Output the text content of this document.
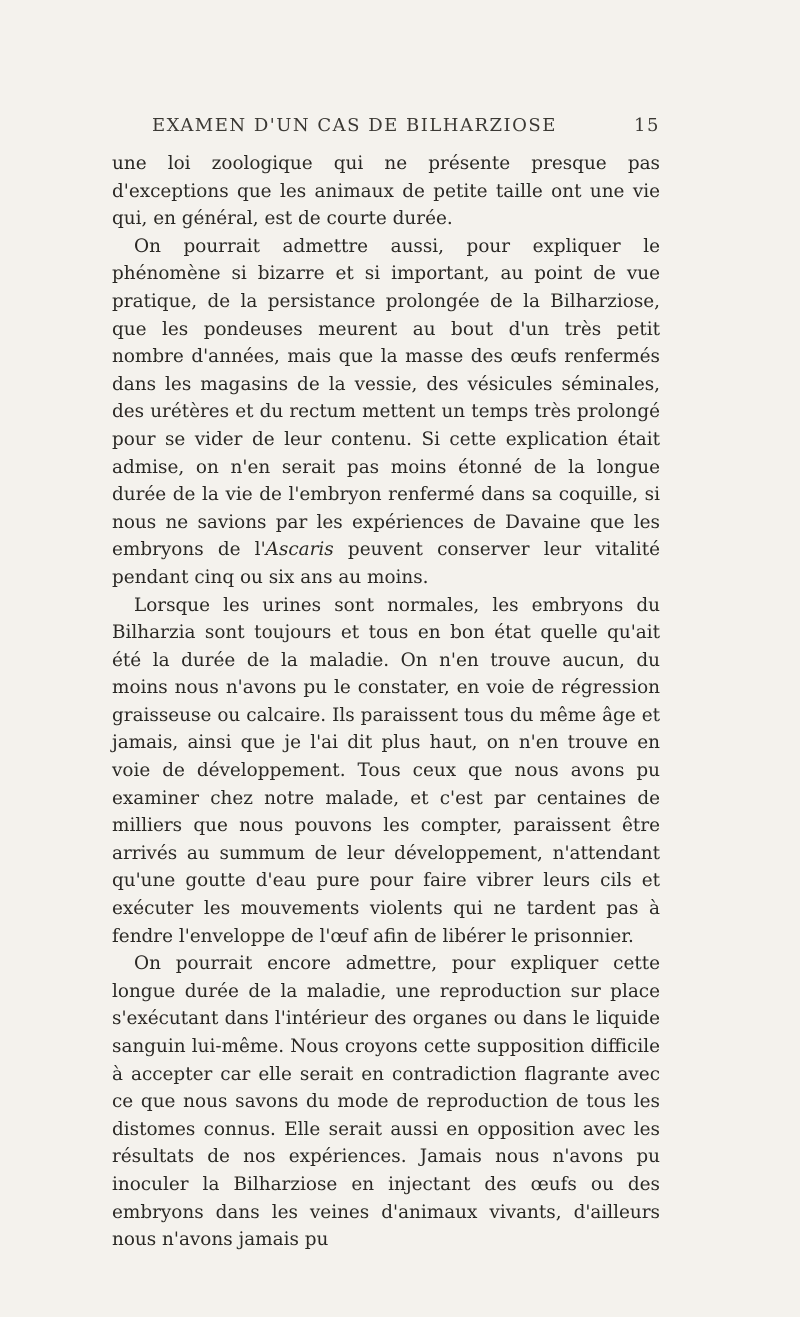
EXAMEN D'UN CAS DE BILHARZIOSE	15

une loi zoologique qui ne présente presque pas d'exceptions que les animaux de petite taille ont une vie qui, en général, est de courte durée.

On pourrait admettre aussi, pour expliquer le phénomène si bizarre et si important, au point de vue pratique, de la persistance prolongée de la Bilharziose, que les pondeuses meurent au bout d'un très petit nombre d'années, mais que la masse des œufs renfermés dans les magasins de la vessie, des vésicules séminales, des urétères et du rectum mettent un temps très prolongé pour se vider de leur contenu. Si cette explication était admise, on n'en serait pas moins étonné de la longue durée de la vie de l'embryon renfermé dans sa coquille, si nous ne savions par les expériences de Davaine que les embryons de l'Ascaris peuvent conserver leur vitalité pendant cinq ou six ans au moins.

Lorsque les urines sont normales, les embryons du Bilharzia sont toujours et tous en bon état quelle qu'ait été la durée de la maladie. On n'en trouve aucun, du moins nous n'avons pu le constater, en voie de régression graisseuse ou calcaire. Ils paraissent tous du même âge et jamais, ainsi que je l'ai dit plus haut, on n'en trouve en voie de développement. Tous ceux que nous avons pu examiner chez notre malade, et c'est par centaines de milliers que nous pouvons les compter, paraissent être arrivés au summum de leur développement, n'attendant qu'une goutte d'eau pure pour faire vibrer leurs cils et exécuter les mouvements violents qui ne tardent pas à fendre l'enveloppe de l'œuf afin de libérer le prisonnier.

On pourrait encore admettre, pour expliquer cette longue durée de la maladie, une reproduction sur place s'exécutant dans l'intérieur des organes ou dans le liquide sanguin lui-même. Nous croyons cette supposition difficile à accepter car elle serait en contradiction flagrante avec ce que nous savons du mode de reproduction de tous les distomes connus. Elle serait aussi en opposition avec les résultats de nos expériences. Jamais nous n'avons pu inoculer la Bilharziose en injectant des œufs ou des embryons dans les veines d'animaux vivants, d'ailleurs nous n'avons jamais pu
